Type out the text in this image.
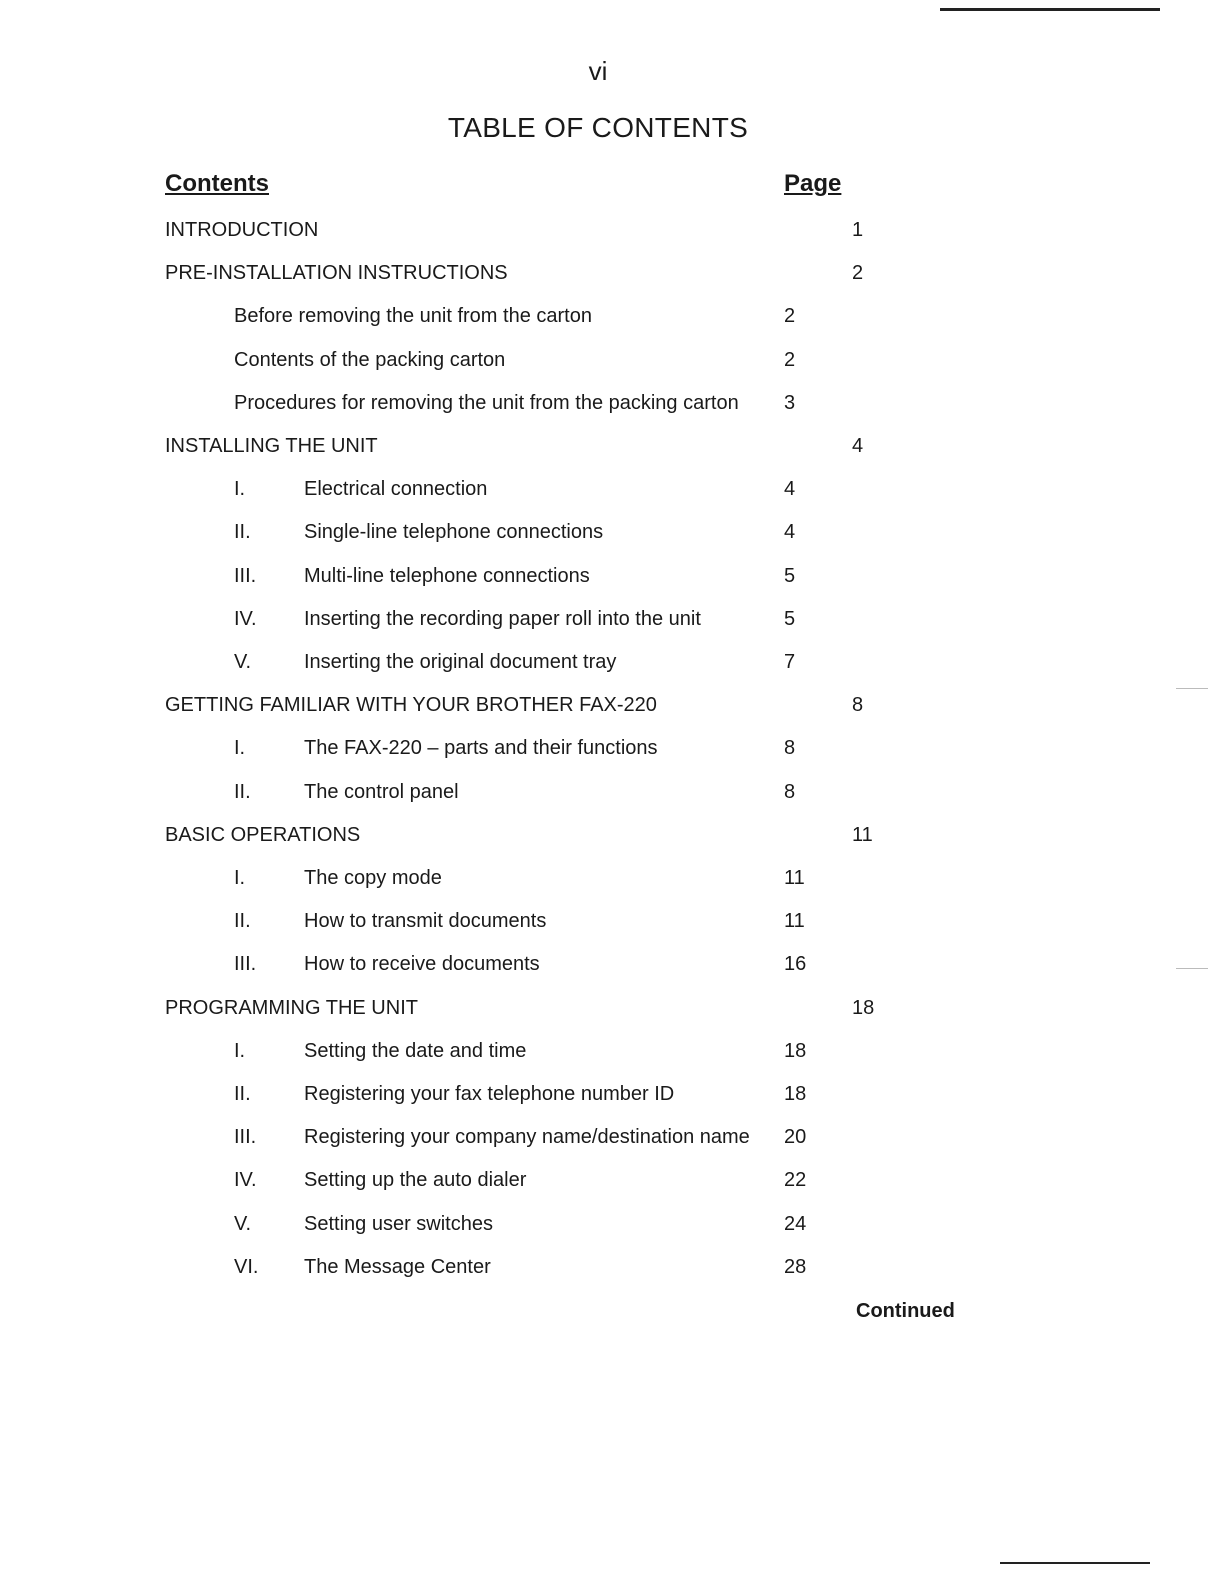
vi
TABLE OF CONTENTS
Contents	Page
INTRODUCTION	1
PRE-INSTALLATION INSTRUCTIONS	2
Before removing the unit from the carton	2
Contents of the packing carton	2
Procedures for removing the unit from the packing carton 3
INSTALLING THE UNIT	4
I.	Electrical connection	4
II.	Single-line telephone connections	4
III. Multi-line telephone connections	5
IV. Inserting the recording paper roll into the unit	5
V.	Inserting the original document tray	7
GETTING FAMILIAR WITH YOUR BROTHER FAX-220	8
I.	The FAX-220 – parts and their functions	8
II.	The control panel	8
BASIC OPERATIONS	11
I.	The copy mode	11
II.	How to transmit documents	11
III. How to receive documents	16
PROGRAMMING THE UNIT	18
I.	Setting the date and time	18
II.	Registering your fax telephone number ID	18
III. Registering your company name/destination name 20
IV. Setting up the auto dialer	22
V.	Setting user switches	24
VI. The Message Center	28
Continued
